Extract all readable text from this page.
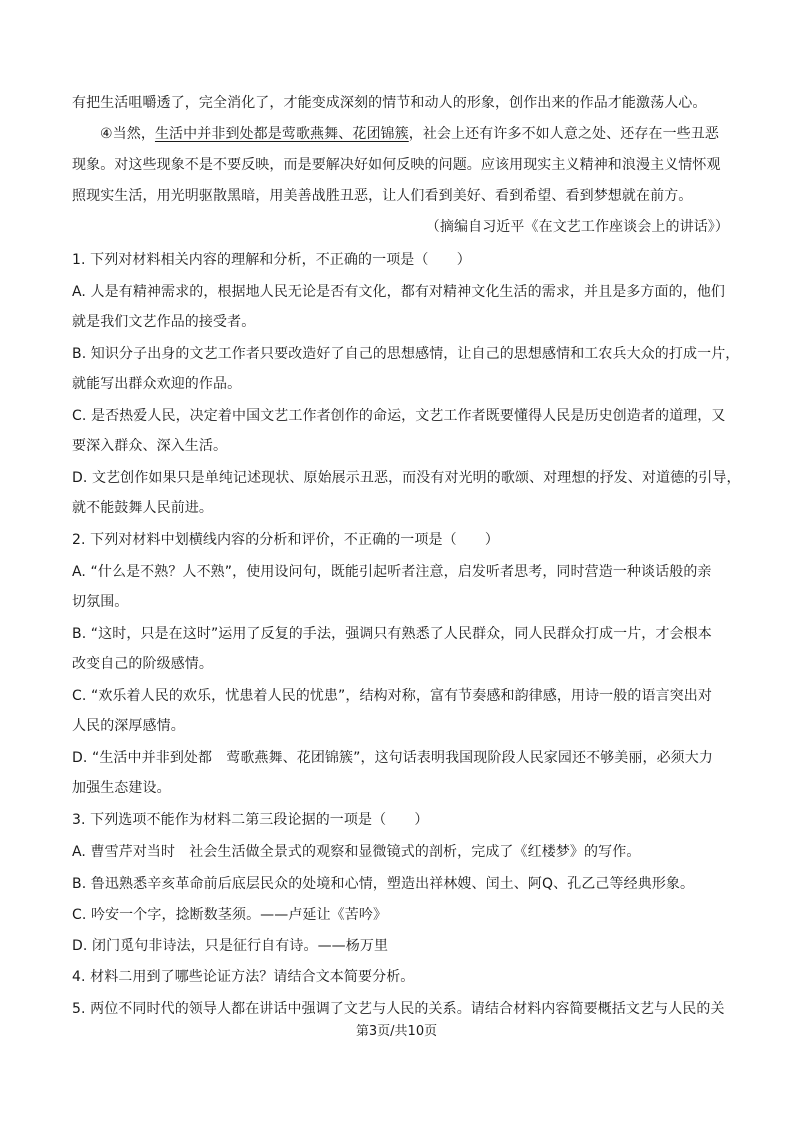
有把生活咀嚼透了，完全消化了，才能变成深刻的情节和动人的形象，创作出来的作品才能激荡人心。
④当然，生活中并非到处都是莺歌燕舞、花团锦簇，社会上还有许多不如人意之处、还存在一些丑恶
现象。对这些现象不是不要反映，而是要解决好如何反映的问题。应该用现实主义精神和浪漫主义情怀观
照现实生活，用光明驱散黑暗，用美善战胜丑恶，让人们看到美好、看到希望、看到梦想就在前方。
（摘编自习近平《在文艺工作座谈会上的讲话》）
1. 下列对材料相关内容的理解和分析，不正确的一项是（　　）
A. 人是有精神需求的，根据地人民无论是否有文化，都有对精神文化生活的需求，并且是多方面的，他们
就是我们文艺作品的接受者。
B. 知识分子出身的文艺工作者只要改造好了自己的思想感情，让自己的思想感情和工农兵大众的打成一片，
就能写出群众欢迎的作品。
C. 是否热爱人民，决定着中国文艺工作者创作的命运，文艺工作者既要懂得人民是历史创造者的道理，又
要深入群众、深入生活。
D. 文艺创作如果只是单纯记述现状、原始展示丑恶，而没有对光明的歌颂、对理想的抒发、对道德的引导，
就不能鼓舞人民前进。
2. 下列对材料中划横线内容的分析和评价，不正确的一项是（　　）
A. “什么是不熟？人不熟”，使用设问句，既能引起听者注意，启发听者思考，同时营造一种谈话般的亲
切氛围。
B. “这时，只是在这时”运用了反复的手法，强调只有熟悉了人民群众，同人民群众打成一片，才会根本
改变自己的阶级感情。
C. “欢乐着人民的欢乐，忧患着人民的忧患”，结构对称，富有节奏感和韵律感，用诗一般的语言突出对
人民的深厚感情。
D. “生活中并非到处都　莺歌燕舞、花团锦簇”，这句话表明我国现阶段人民家园还不够美丽，必须大力
加强生态建设。
3. 下列选项不能作为材料二第三段论据的一项是（　　）
A. 曹雪芹对当时　社会生活做全景式的观察和显微镜式的剖析，完成了《红楼梦》的写作。
B. 鲁迅熟悉辛亥革命前后底层民众的处境和心情，塑造出祥林嫂、闰土、阿Q、孔乙己等经典形象。
C. 吟安一个字，捻断数茎须。——卢延让《苦吟》
D. 闭门觅句非诗法，只是征行自有诗。——杨万里
4. 材料二用到了哪些论证方法？请结合文本简要分析。
5. 两位不同时代的领导人都在讲话中强调了文艺与人民的关系。请结合材料内容简要概括文艺与人民的关
第3页/共10页
